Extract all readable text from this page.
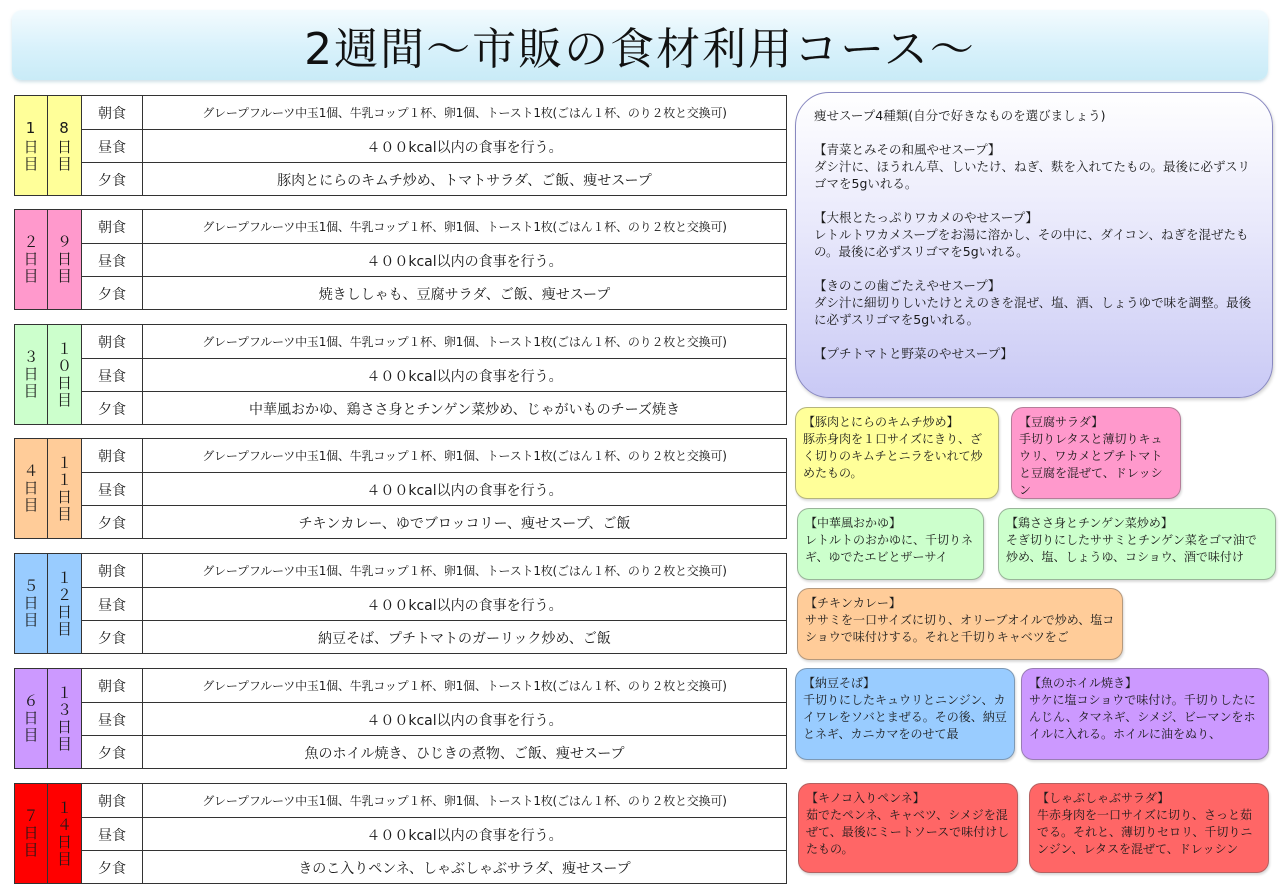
2週間〜市販の食材利用コース〜
1日目	8日目
朝食	グレープフルーツ中玉1個、牛乳コップ１杯、卵1個、トースト1枚(ごはん１杯、のり２枚と交換可)
昼食	４００kcal以内の食事を行う。
夕食	豚肉とにらのキムチ炒め、トマトサラダ、ご飯、痩せスープ
２日目	９日目
朝食	グレープフルーツ中玉1個、牛乳コップ１杯、卵1個、トースト1枚(ごはん１杯、のり２枚と交換可)
昼食	４００kcal以内の食事を行う。
夕食	焼きししゃも、豆腐サラダ、ご飯、痩せスープ
３日目	１０日目	朝食	グレープフルーツ中玉1個、牛乳コップ１杯、卵1個、トースト1枚(ごはん１杯、のり２枚と交換可)
昼食	４００kcal以内の食事を行う。
夕食	中華風おかゆ、鶏ささ身とチンゲン菜炒め、じゃがいものチーズ焼き
４日目	１１日目	朝食	グレープフルーツ中玉1個、牛乳コップ１杯、卵1個、トースト1枚(ごはん１杯、のり２枚と交換可)
昼食	４００kcal以内の食事を行う。
夕食	チキンカレー、ゆでブロッコリー、痩せスープ、ご飯
５日目	１２日目	朝食	グレープフルーツ中玉1個、牛乳コップ１杯、卵1個、トースト1枚(ごはん１杯、のり２枚と交換可)
昼食	４００kcal以内の食事を行う。
夕食	納豆そば、プチトマトのガーリック炒め、ご飯
６日目	１３日目	朝食	グレープフルーツ中玉1個、牛乳コップ１杯、卵1個、トースト1枚(ごはん１杯、のり２枚と交換可)
昼食	４００kcal以内の食事を行う。
夕食	魚のホイル焼き、ひじきの煮物、ご飯、痩せスープ
７日目	１４日目	朝食	グレープフルーツ中玉1個、牛乳コップ１杯、卵1個、トースト1枚(ごはん１杯、のり２枚と交換可)
昼食	４００kcal以内の食事を行う。
夕食	きのこ入りペンネ、しゃぶしゃぶサラダ、痩せスープ

痩せスープ4種類(自分で好きなものを選びましょう)

【青菜とみその和風やせスープ】
ダシ汁に、ほうれん草、しいたけ、ねぎ、麩を入れてたもの。最後に必ずスリゴマを5gいれる。

【大根とたっぷりワカメのやせスープ】
レトルトワカメスープをお湯に溶かし、その中に、ダイコン、ねぎを混ぜたもの。最後に必ずスリゴマを5gいれる。

【きのこの歯ごたえやせスープ】
ダシ汁に細切りしいたけとえのきを混ぜ、塩、酒、しょうゆで味を調整。最後に必ずスリゴマを5gいれる。

【プチトマトと野菜のやせスープ】

【豚肉とにらのキムチ炒め】
豚赤身肉を１口サイズにきり、ざく切りのキムチとニラをいれて炒めたもの。
【豆腐サラダ】
手切りレタスと薄切りキュウリ、ワカメとプチトマトと豆腐を混ぜて、ドレッシン
【中華風おかゆ】
レトルトのおかゆに、千切りネギ、ゆでたエビとザーサイ
【鶏ささ身とチンゲン菜炒め】
そぎ切りにしたササミとチンゲン菜をゴマ油で炒め、塩、しょうゆ、コショウ、酒で味付け
【チキンカレー】
ササミを一口サイズに切り、オリーブオイルで炒め、塩コショウで味付けする。それと千切りキャベツをご
【納豆そば】
千切りにしたキュウリとニンジン、カイワレをソバとまぜる。その後、納豆とネギ、カニカマをのせて最
【魚のホイル焼き】
サケに塩コショウで味付け。千切りしたにんじん、タマネギ、シメジ、ビーマンをホイルに入れる。ホイルに油をぬり、
【キノコ入りペンネ】
茹でたペンネ、キャベツ、シメジを混ぜて、最後にミートソースで味付けしたもの。
【しゃぶしゃぶサラダ】
牛赤身肉を一口サイズに切り、さっと茹でる。それと、薄切りセロリ、千切りニンジン、レタスを混ぜて、ドレッシン
